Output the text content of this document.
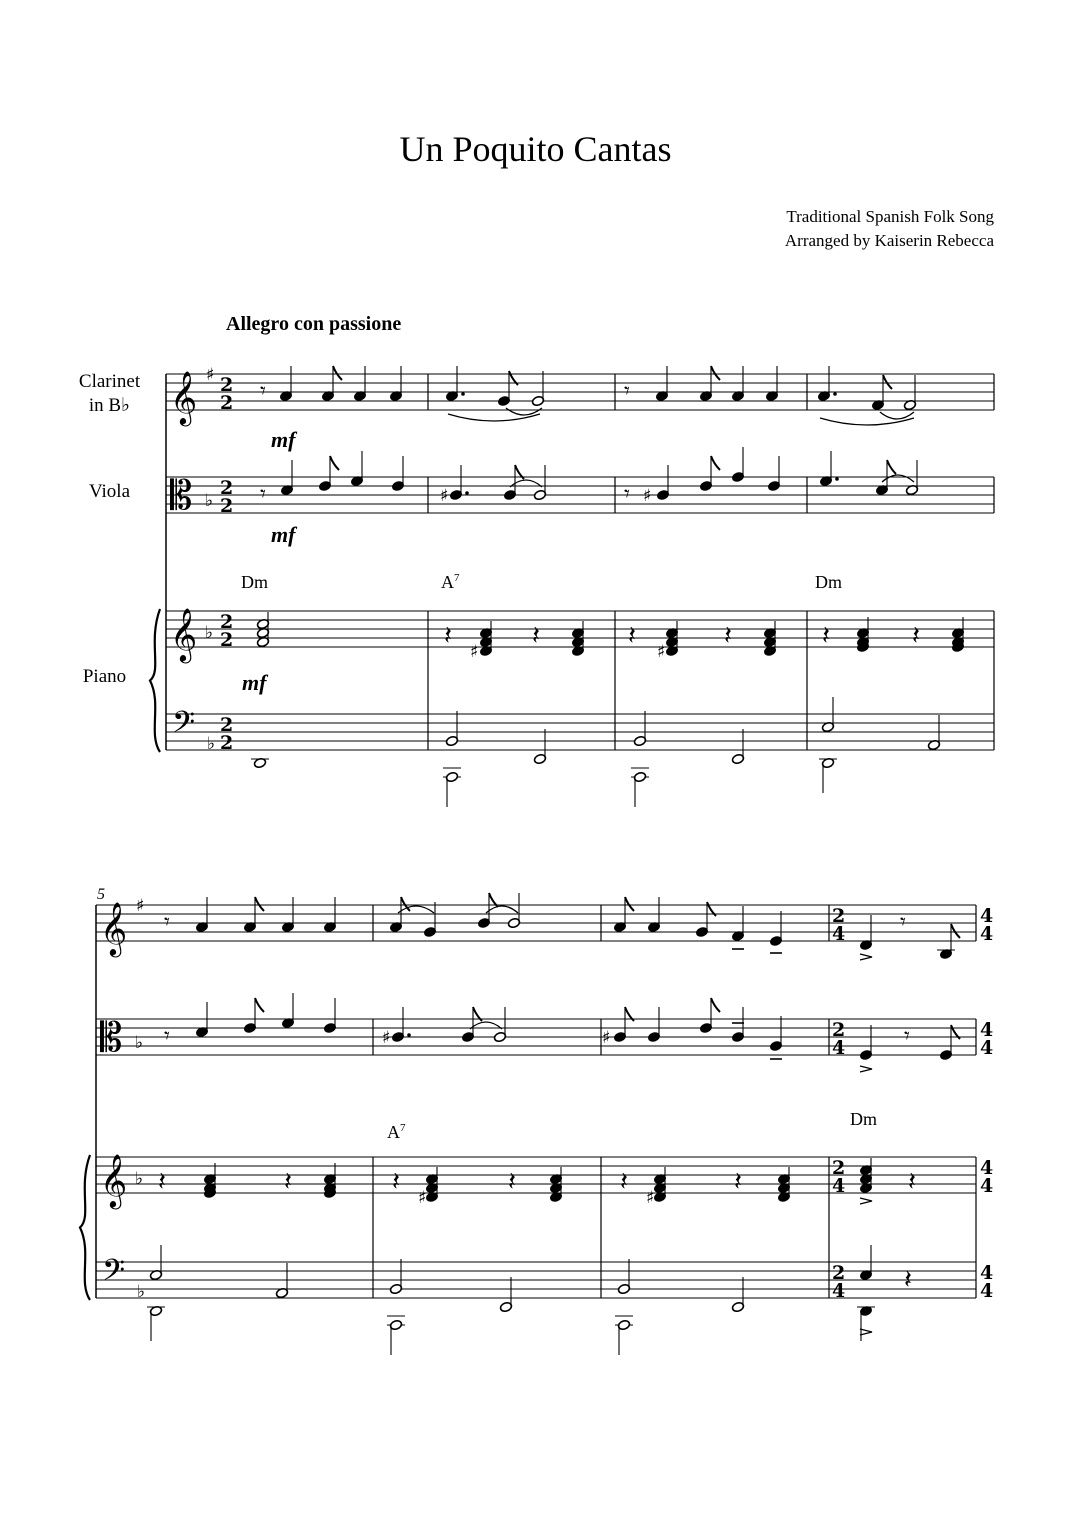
Un Poquito Cantas
Traditional Spanish Folk Song
Arranged by Kaiserin Rebecca
Allegro con passione
Clarinet
in B♭
Viola
Piano
Dm	$A^7$	Dm
$A^7$	Dm
5
mf
mf
mf
𝄞 ♯ 2
2
𝄡 ♭
2
2
𝄞 ♭ 2
2
𝄢 ♭
2
2
𝄾	𝄾
𝄾	♯	𝄾 ♯
𝄽
♯
𝄽	𝄽
♯
𝄽	𝄽	𝄽
𝄞 ♯
𝄡 ♭
𝄞 ♭
𝄢 ♭
2
4
4
4
2
4
4
4
2
4
4
4
2
4
4
4
𝄾	𝄾
𝄾	♯	♯	𝄾
𝄽	𝄽	𝄽
♯
𝄽	𝄽
♯
𝄽	𝄽
𝄽
